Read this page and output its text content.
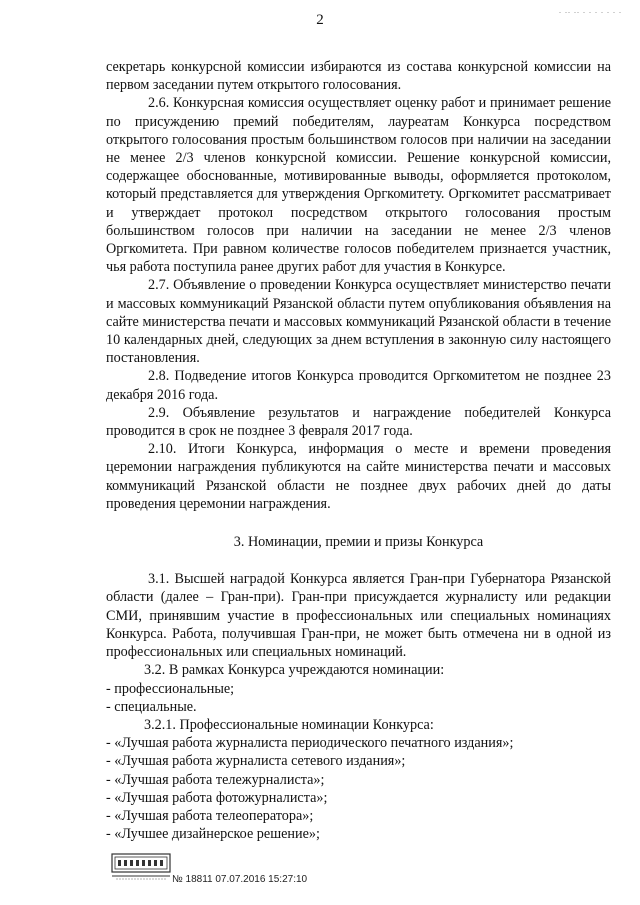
2
. .. .. . . . . . . .

секретарь конкурсной комиссии избираются из состава конкурсной комиссии на первом заседании путем открытого голосования.

2.6. Конкурсная комиссия осуществляет оценку работ и принимает решение по присуждению премий победителям, лауреатам Конкурса посредством открытого голосования простым большинством голосов при наличии на заседании не менее 2/3 членов конкурсной комиссии. Решение конкурсной комиссии, содержащее обоснованные, мотивированные выводы, оформляется протоколом, который представляется для утверждения Оргкомитету. Оргкомитет рассматривает и утверждает протокол посредством открытого голосования простым большинством голосов при наличии на заседании не менее 2/3 членов Оргкомитета. При равном количестве голосов победителем признается участник, чья работа поступила ранее других работ для участия в Конкурсе.

2.7. Объявление о проведении Конкурса осуществляет министерство печати и массовых коммуникаций Рязанской области путем опубликования объявления на сайте министерства печати и массовых коммуникаций Рязанской области в течение 10 календарных дней, следующих за днем вступления в законную силу настоящего постановления.

2.8. Подведение итогов Конкурса проводится Оргкомитетом не позднее 23 декабря 2016 года.

2.9. Объявление результатов и награждение победителей Конкурса проводится в срок не позднее 3 февраля 2017 года.

2.10. Итоги Конкурса, информация о месте и времени проведения церемонии награждения публикуются на сайте министерства печати и массовых коммуникаций Рязанской области не позднее двух рабочих дней до даты проведения церемонии награждения.

3. Номинации, премии и призы Конкурса

3.1. Высшей наградой Конкурса является Гран-при Губернатора Рязанской области (далее – Гран-при). Гран-при присуждается журналисту или редакции СМИ, принявшим участие в профессиональных или специальных номинациях Конкурса. Работа, получившая Гран-при, не может быть отмечена ни в одной из профессиональных или специальных номинаций.

3.2. В рамках Конкурса учреждаются номинации:

- профессиональные;

- специальные.

3.2.1. Профессиональные номинации Конкурса:

- «Лучшая работа журналиста периодического печатного издания»;

- «Лучшая работа журналиста сетевого издания»;

- «Лучшая работа тележурналиста»;

- «Лучшая работа фотожурналиста»;

- «Лучшая работа телеоператора»;

- «Лучшее дизайнерское решение»;

№ 18811 07.07.2016 15:27:10
